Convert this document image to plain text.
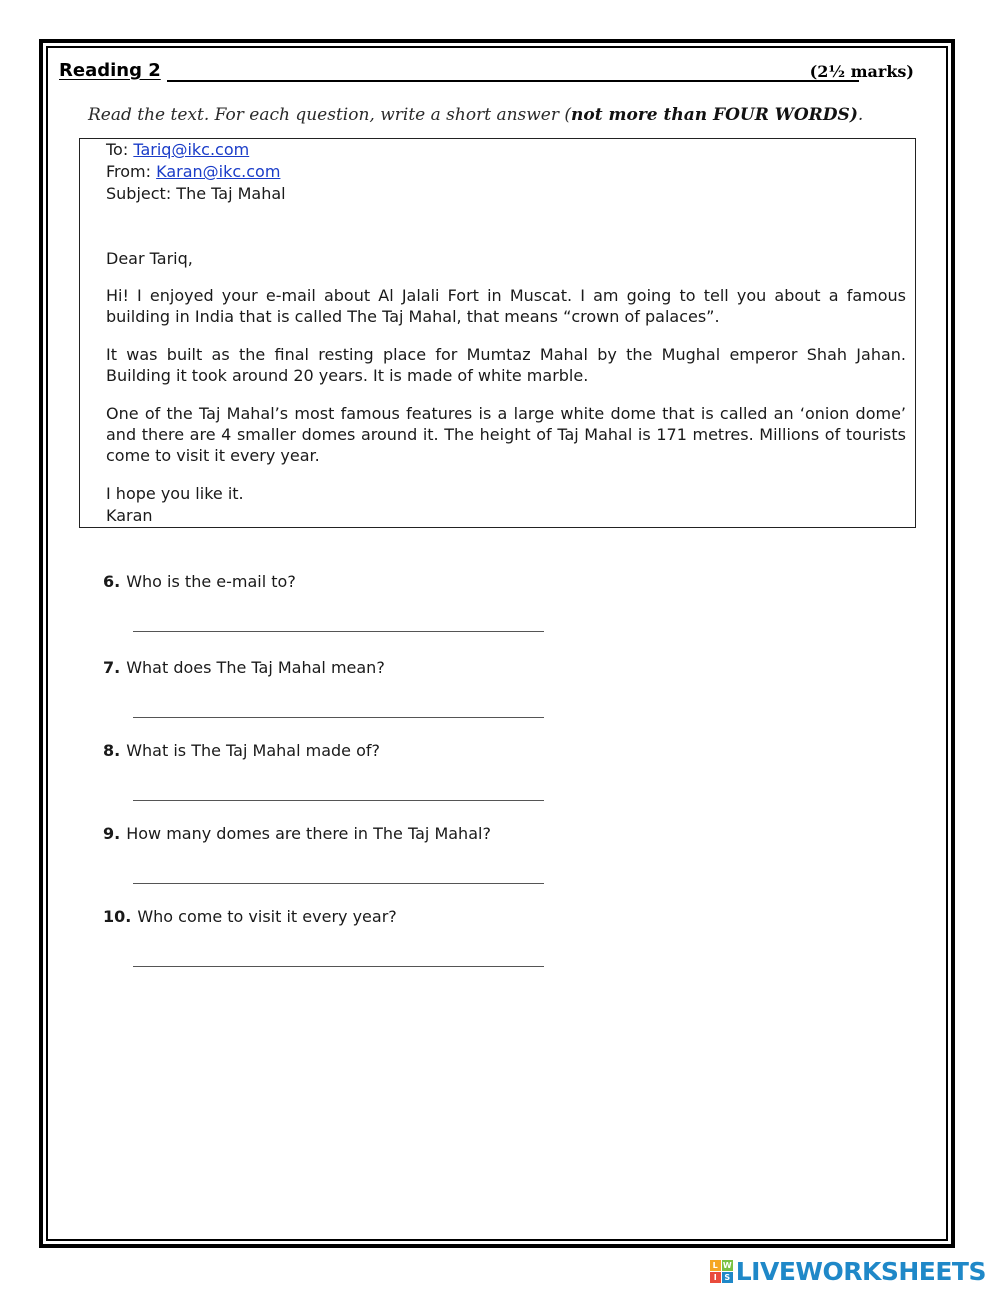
Reading 2	(2½ marks)
Read the text. For each question, write a short answer (not more than FOUR WORDS).
To: Tariq@ikc.com
From: Karan@ikc.com
Subject: The Taj Mahal
Dear Tariq,
Hi! I enjoyed your e-mail about Al Jalali Fort in Muscat. I am going to tell you about a famous building in India that is called The Taj Mahal, that means “crown of palaces”.
It was built as the final resting place for Mumtaz Mahal by the Mughal emperor Shah Jahan. Building it took around 20 years. It is made of white marble.
One of the Taj Mahal’s most famous features is a large white dome that is called an ‘onion dome’ and there are 4 smaller domes around it. The height of Taj Mahal is 171 metres. Millions of tourists come to visit it every year.
I hope you like it.
Karan
6. Who is the e-mail to?
7. What does The Taj Mahal mean?
8. What is The Taj Mahal made of?
9. How many domes are there in The Taj Mahal?
10. Who come to visit it every year?
L W
I S LIVEWORKSHEETS
